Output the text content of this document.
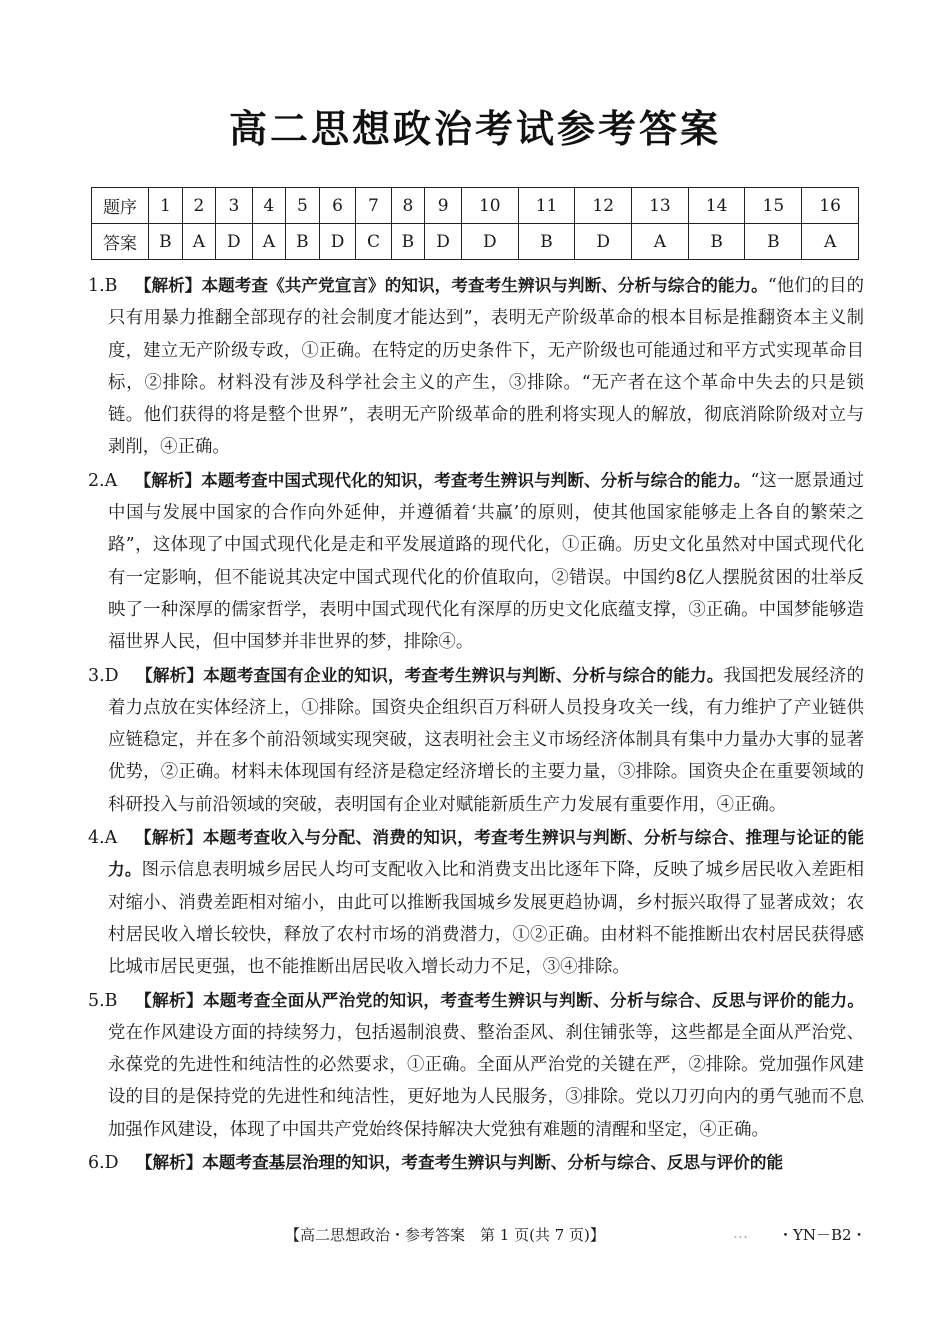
高二思想政治考试参考答案
题序	1	2	3	4	5	6	7	8	9	10	11	12	13	14	15	16
答案	B	A	D	A	B	D	C	B	D	D	B	D	A	B	B	A
1.B  【解析】本题考查《共产党宣言》的知识，考查考生辨识与判断、分析与综合的能力。“他们的目的只有用暴力推翻全部现存的社会制度才能达到”，表明无产阶级革命的根本目标是推翻资本主义制度，建立无产阶级专政，①正确。在特定的历史条件下，无产阶级也可能通过和平方式实现革命目标，②排除。材料没有涉及科学社会主义的产生，③排除。“无产者在这个革命中失去的只是锁链。他们获得的将是整个世界”，表明无产阶级革命的胜利将实现人的解放，彻底消除阶级对立与剥削，④正确。
2.A  【解析】本题考查中国式现代化的知识，考查考生辨识与判断、分析与综合的能力。“这一愿景通过中国与发展中国家的合作向外延伸，并遵循着‘共赢’的原则，使其他国家能够走上各自的繁荣之路”，这体现了中国式现代化是走和平发展道路的现代化，①正确。历史文化虽然对中国式现代化有一定影响，但不能说其决定中国式现代化的价值取向，②错误。中国约8亿人摆脱贫困的壮举反映了一种深厚的儒家哲学，表明中国式现代化有深厚的历史文化底蕴支撑，③正确。中国梦能够造福世界人民，但中国梦并非世界的梦，排除④。
3.D  【解析】本题考查国有企业的知识，考查考生辨识与判断、分析与综合的能力。我国把发展经济的着力点放在实体经济上，①排除。国资央企组织百万科研人员投身攻关一线，有力维护了产业链供应链稳定，并在多个前沿领域实现突破，这表明社会主义市场经济体制具有集中力量办大事的显著优势，②正确。材料未体现国有经济是稳定经济增长的主要力量，③排除。国资央企在重要领域的科研投入与前沿领域的突破，表明国有企业对赋能新质生产力发展有重要作用，④正确。
4.A  【解析】本题考查收入与分配、消费的知识，考查考生辨识与判断、分析与综合、推理与论证的能力。图示信息表明城乡居民人均可支配收入比和消费支出比逐年下降，反映了城乡居民收入差距相对缩小、消费差距相对缩小，由此可以推断我国城乡发展更趋协调，乡村振兴取得了显著成效；农村居民收入增长较快，释放了农村市场的消费潜力，①②正确。由材料不能推断出农村居民获得感比城市居民更强，也不能推断出居民收入增长动力不足，③④排除。
5.B  【解析】本题考查全面从严治党的知识，考查考生辨识与判断、分析与综合、反思与评价的能力。党在作风建设方面的持续努力，包括遏制浪费、整治歪风、刹住铺张等，这些都是全面从严治党、永葆党的先进性和纯洁性的必然要求，①正确。全面从严治党的关键在严，②排除。党加强作风建设的目的是保持党的先进性和纯洁性，更好地为人民服务，③排除。党以刀刃向内的勇气驰而不息加强作风建设，体现了中国共产党始终保持解决大党独有难题的清醒和坚定，④正确。
6.D  【解析】本题考查基层治理的知识，考查考生辨识与判断、分析与综合、反思与评价的能
【高二思想政治・参考答案　第 1 页(共 7 页)】	… ・YN－B2・
